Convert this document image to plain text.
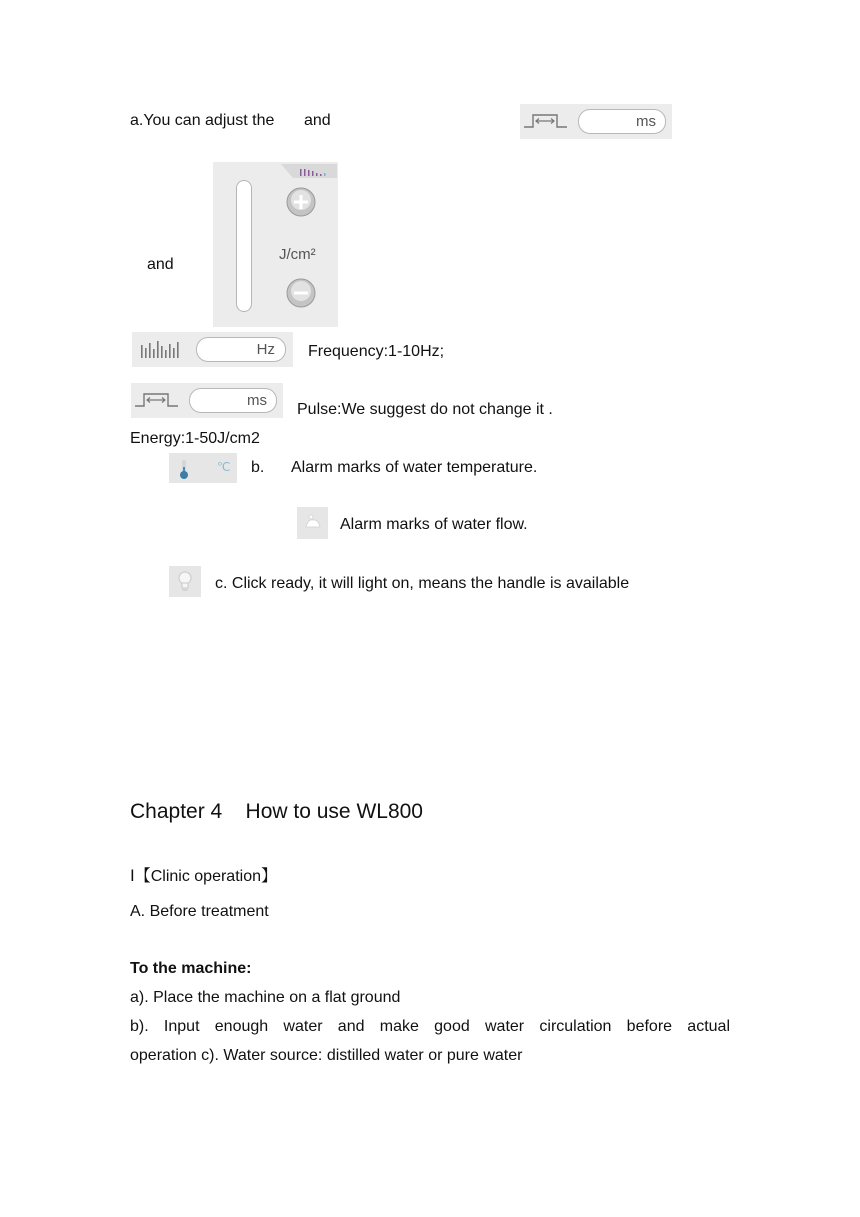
a.You can adjust the and	ms
and
J/cm²
Hz	Frequency:1-10Hz;
ms
Pulse:We suggest do not change it .
Energy:1-50J/cm2
℃ b. Alarm marks of water temperature.
Alarm marks of water flow.
c. Click ready, it will light on, means the handle is available
Chapter 4    How to use WL800
Ⅰ【Clinic operation】
A. Before treatment
To the machine:
a). Place the machine on a flat ground
b). Input enough water and make good water circulation before actual
operation c). Water source: distilled water or pure water
